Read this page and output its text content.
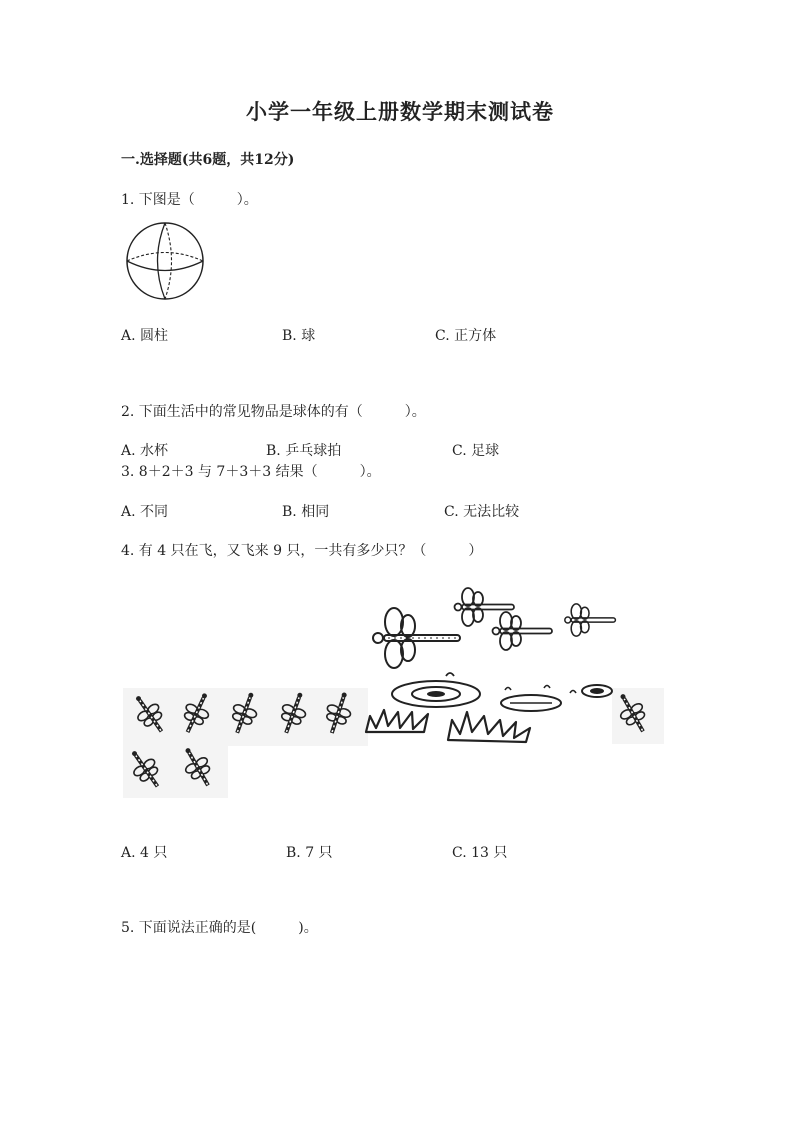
小学一年级上册数学期末测试卷
一.选择题(共6题，共12分)
1. 下图是（　　　）。
A. 圆柱	B. 球	C. 正方体
2. 下面生活中的常见物品是球体的有（　　　）。
A. 水杯	B. 乒乓球拍	C. 足球
3. 8＋2＋3 与 7＋3＋3 结果（　　　）。
A. 不同	B. 相同	C. 无法比较
4. 有 4 只在飞，又飞来 9 只，一共有多少只？（　　　）
A. 4 只	B. 7 只	C. 13 只
5. 下面说法正确的是(　　　)。
